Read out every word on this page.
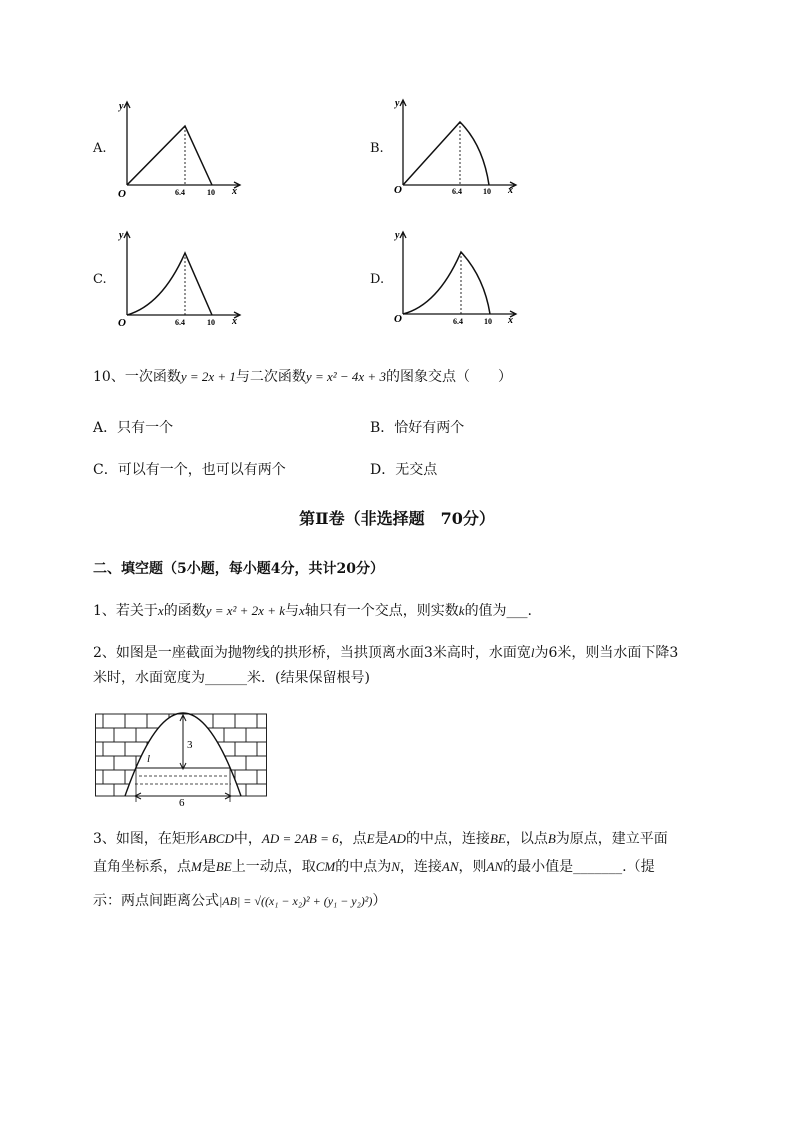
A.
y
x
O	6.4	10
B.
y
x
O	6.4	10
C.
y
x
O	6.4	10
D.
y
x
O	6.4	10
10、一次函数y = 2x + 1与二次函数y = x² − 4x + 3的图象交点（　　）
A．只有一个	B．恰好有两个
C．可以有一个，也可以有两个	D．无交点
第Ⅱ卷（非选择题　70分）
二、填空题（5小题，每小题4分，共计20分）
1、若关于x的函数y = x² + 2x + k与x轴只有一个交点，则实数k的值为___.
2、如图是一座截面为抛物线的拱形桥，当拱顶离水面3米高时，水面宽l为6米，则当水面下降3
米时，水面宽度为______米．(结果保留根号)
3
l
6
3、如图，在矩形ABCD中，AD = 2AB = 6，点E是AD的中点，连接BE，以点B为原点，建立平面
直角坐标系，点M是BE上一动点，取CM的中点为N，连接AN，则AN的最小值是_______.（提
示：两点间距离公式|AB| = √((x₁ − x₂)² + (y₁ − y₂)²)）
